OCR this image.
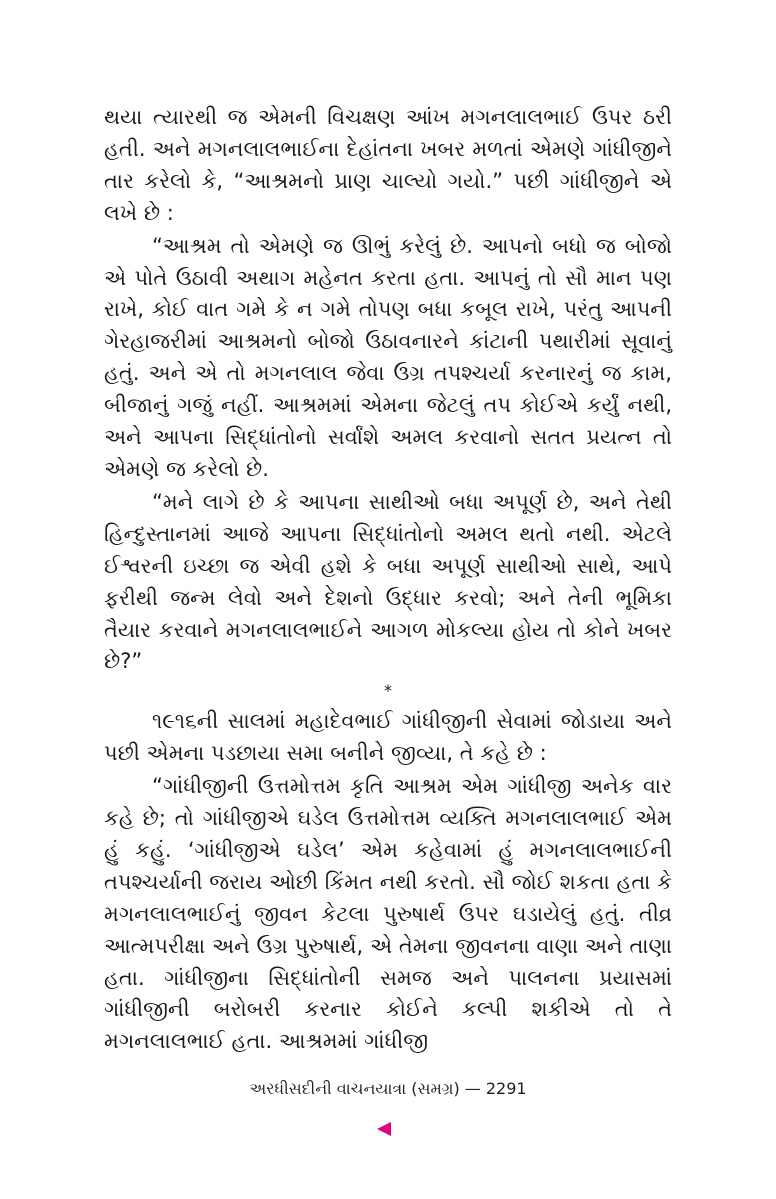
થયા ત્યારથી જ એમની વિચક્ષણ આંખ મગનલાલભાઈ ઉપર ઠરી હતી. અને મગનલાલભાઈના દેહાંતના ખબર મળતાં એમણે ગાંધીજીને તાર કરેલો કે, “આશ્રમનો પ્રાણ ચાલ્યો ગયો.” પછી ગાંધીજીને એ લખે છે :

“આશ્રમ તો એમણે જ ઊભું કરેલું છે. આપનો બધો જ બોજો એ પોતે ઉઠાવી અથાગ મહેનત કરતા હતા. આપનું તો સૌ માન પણ રાખે, કોઈ વાત ગમે કે ન ગમે તોપણ બધા કબૂલ રાખે, પરંતુ આપની ગેરહાજરીમાં આશ્રમનો બોજો ઉઠાવનારને કાંટાની પથારીમાં સૂવાનું હતું. અને એ તો મગનલાલ જેવા ઉગ્ર તપશ્ચર્યા કરનારનું જ કામ, બીજાનું ગજું નહીં. આશ્રમમાં એમના જેટલું તપ કોઈએ કર્યું નથી, અને આપના સિદ્ધાંતોનો સર્વાંશે અમલ કરવાનો સતત પ્રયત્ન તો એમણે જ કરેલો છે.

“મને લાગે છે કે આપના સાથીઓ બધા અપૂર્ણ છે, અને તેથી હિન્દુસ્તાનમાં આજે આપના સિદ્ધાંતોનો અમલ થતો નથી. એટલે ઈશ્વરની ઇચ્છા જ એવી હશે કે બધા અપૂર્ણ સાથીઓ સાથે, આપે ફરીથી જન્મ લેવો અને દેશનો ઉદ્ધાર કરવો; અને તેની ભૂમિકા તૈયાર કરવાને મગનલાલભાઈને આગળ મોકલ્યા હોય તો કોને ખબર છે?”

*

૧૯૧૬ની સાલમાં મહાદેવભાઈ ગાંધીજીની સેવામાં જોડાયા અને પછી એમના પડછાયા સમા બનીને જીવ્યા, તે કહે છે :

“ગાંધીજીની ઉત્તમોત્તમ કૃતિ આશ્રમ એમ ગાંધીજી અનેક વાર કહે છે; તો ગાંધીજીએ ઘડેલ ઉત્તમોત્તમ વ્યક્તિ મગનલાલભાઈ એમ હું કહું. ‘ગાંધીજીએ ઘડેલ’ એમ કહેવામાં હું મગનલાલભાઈની તપશ્ચર્યાની જરાય ઓછી કિંમત નથી કરતો. સૌ જોઈ શકતા હતા કે મગનલાલભાઈનું જીવન કેટલા પુરુષાર્થ ઉપર ઘડાયેલું હતું. તીવ્ર આત્મપરીક્ષા અને ઉગ્ર પુરુષાર્થ, એ તેમના જીવનના વાણા અને તાણા હતા. ગાંધીજીના સિદ્ધાંતોની સમજ અને પાલનના પ્રયાસમાં ગાંધીજીની બરોબરી કરનાર કોઈને કલ્પી શકીએ તો તે મગનલાલભાઈ હતા. આશ્રમમાં ગાંધીજી

અરધીસદીની વાચનયાત્રા (સમગ્ર) — 2291
